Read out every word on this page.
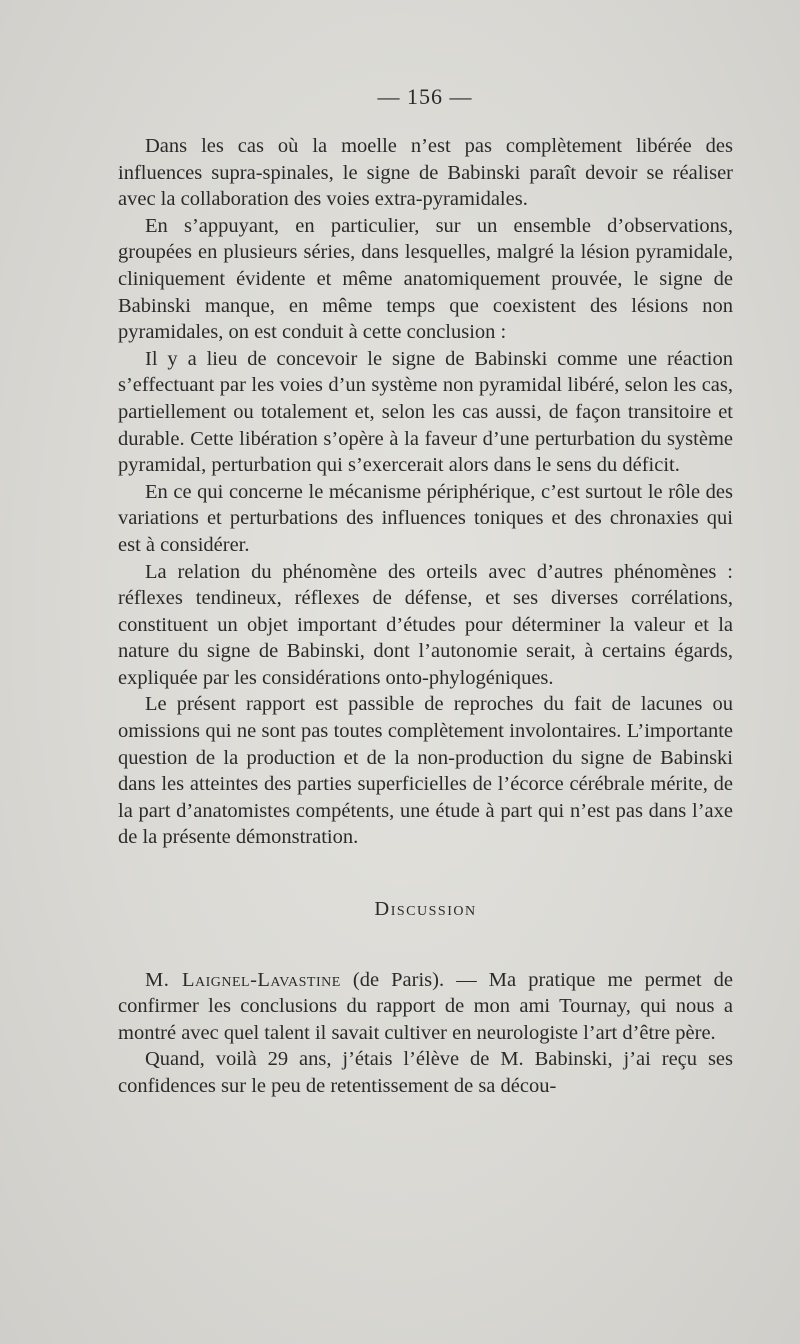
— 156 —

Dans les cas où la moelle n’est pas complètement libérée des influences supra-spinales, le signe de Babinski paraît devoir se réaliser avec la collaboration des voies extra-pyramidales.

En s’appuyant, en particulier, sur un ensemble d’observations, groupées en plusieurs séries, dans lesquelles, malgré la lésion pyramidale, cliniquement évidente et même anatomiquement prouvée, le signe de Babinski manque, en même temps que coexistent des lésions non pyramidales, on est conduit à cette conclusion :

Il y a lieu de concevoir le signe de Babinski comme une réaction s’effectuant par les voies d’un système non pyramidal libéré, selon les cas, partiellement ou totalement et, selon les cas aussi, de façon transitoire et durable. Cette libération s’opère à la faveur d’une perturbation du système pyramidal, perturbation qui s’exercerait alors dans le sens du déficit.

En ce qui concerne le mécanisme périphérique, c’est surtout le rôle des variations et perturbations des influences toniques et des chronaxies qui est à considérer.

La relation du phénomène des orteils avec d’autres phénomènes : réflexes tendineux, réflexes de défense, et ses diverses corrélations, constituent un objet important d’études pour déterminer la valeur et la nature du signe de Babinski, dont l’autonomie serait, à certains égards, expliquée par les considérations onto-phylogéniques.

Le présent rapport est passible de reproches du fait de lacunes ou omissions qui ne sont pas toutes complètement involontaires. L’importante question de la production et de la non-production du signe de Babinski dans les atteintes des parties superficielles de l’écorce cérébrale mérite, de la part d’anatomistes compétents, une étude à part qui n’est pas dans l’axe de la présente démonstration.

Discussion

M. Laignel-Lavastine (de Paris). — Ma pratique me permet de confirmer les conclusions du rapport de mon ami Tournay, qui nous a montré avec quel talent il savait cultiver en neurologiste l’art d’être père.

Quand, voilà 29 ans, j’étais l’élève de M. Babinski, j’ai reçu ses confidences sur le peu de retentissement de sa décou-
